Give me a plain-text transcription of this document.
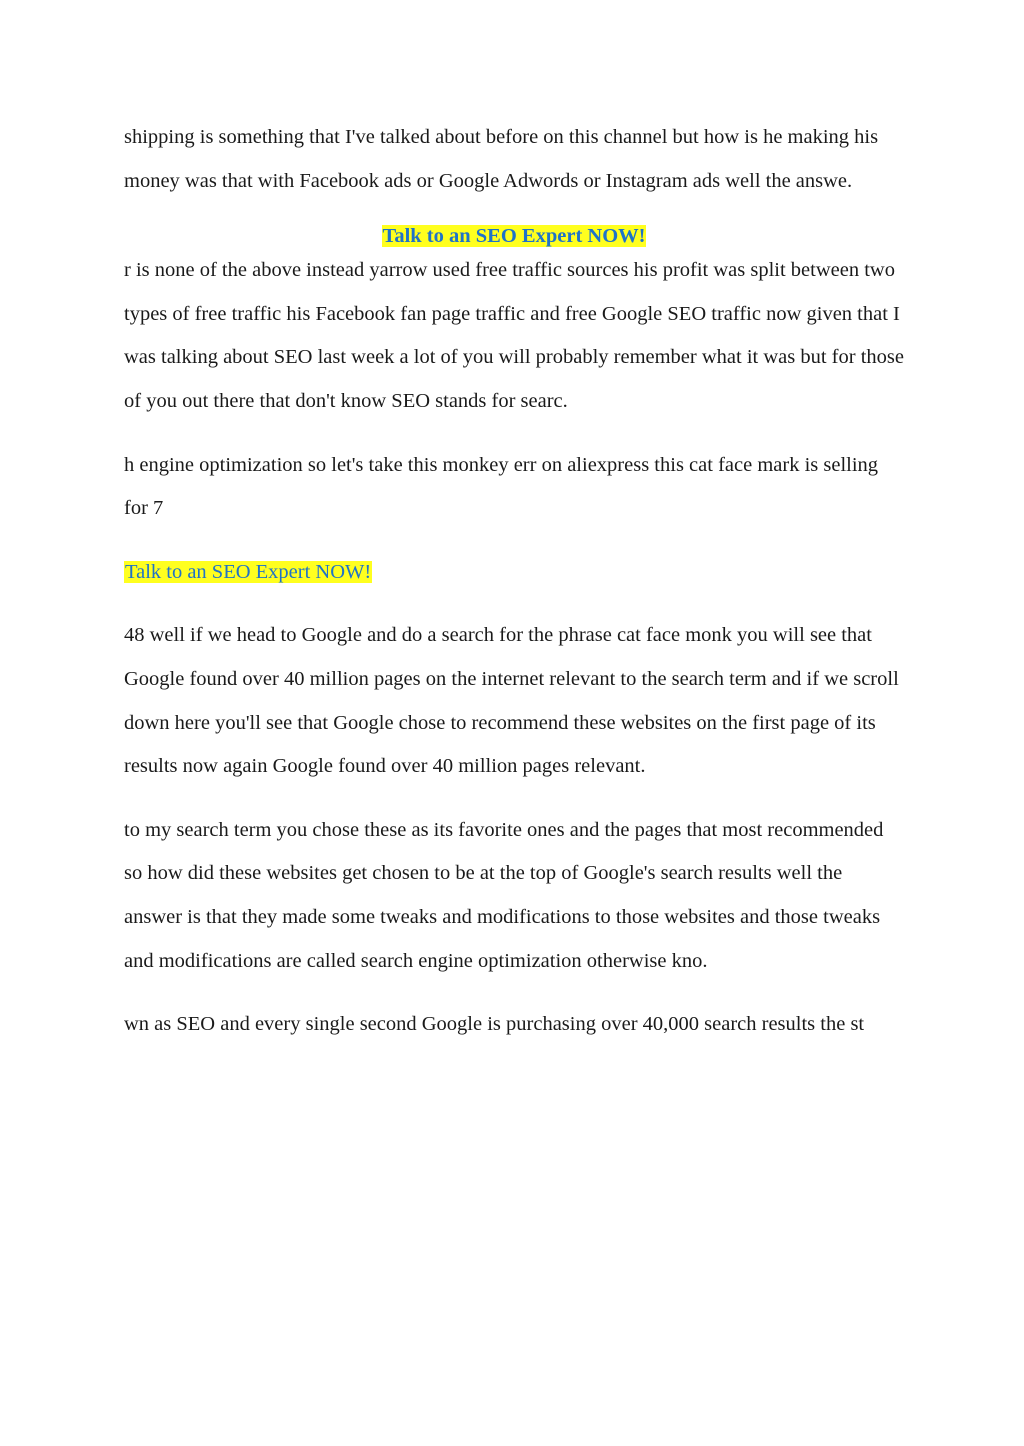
shipping is something that I've talked about before on this channel but how is he making his money was that with Facebook ads or Google Adwords or Instagram ads well the answe.

Talk to an SEO Expert NOW!

r is none of the above instead yarrow used free traffic sources his profit was split between two types of free traffic his Facebook fan page traffic and free Google SEO traffic now given that I was talking about SEO last week a lot of you will probably remember what it was but for those of you out there that don't know SEO stands for searc.

h engine optimization so let's take this monkey err on aliexpress this cat face mark is selling for 7

Talk to an SEO Expert NOW!

48 well if we head to Google and do a search for the phrase cat face monk you will see that Google found over 40 million pages on the internet relevant to the search term and if we scroll down here you'll see that Google chose to recommend these websites on the first page of its results now again Google found over 40 million pages relevant.

to my search term you chose these as its favorite ones and the pages that most recommended so how did these websites get chosen to be at the top of Google's search results well the answer is that they made some tweaks and modifications to those websites and those tweaks and modifications are called search engine optimization otherwise kno.

wn as SEO and every single second Google is purchasing over 40,000 search results the st
